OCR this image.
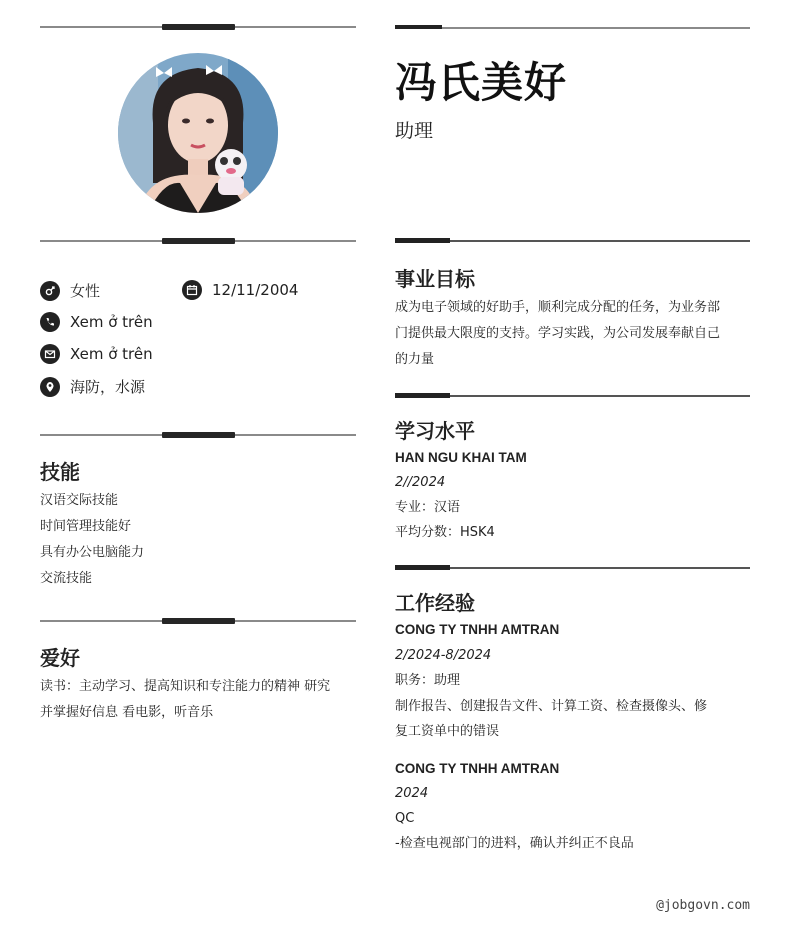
女性	12/11/2004
Xem ở trên
Xem ở trên
海防，水源
技能
汉语交际技能
时间管理技能好
具有办公电脑能力
交流技能
爱好
读书：主动学习、提高知识和专注能力的精神 研究
并掌握好信息 看电影，听音乐
冯氏美好
助理
事业目标
成为电子领域的好助手，顺利完成分配的任务，为业务部
门提供最大限度的支持。学习实践，为公司发展奉献自己
的力量
学习水平
HAN NGU KHAI TAM
2//2024
专业：汉语
平均分数：HSK4
工作经验
CONG TY TNHH AMTRAN
2/2024-8/2024
职务：助理
制作报告、创建报告文件、计算工资、检查摄像头、修
复工资单中的错误
CONG TY TNHH AMTRAN
2024
QC
-检查电视部门的进料，确认并纠正不良品
@jobgovn.com
